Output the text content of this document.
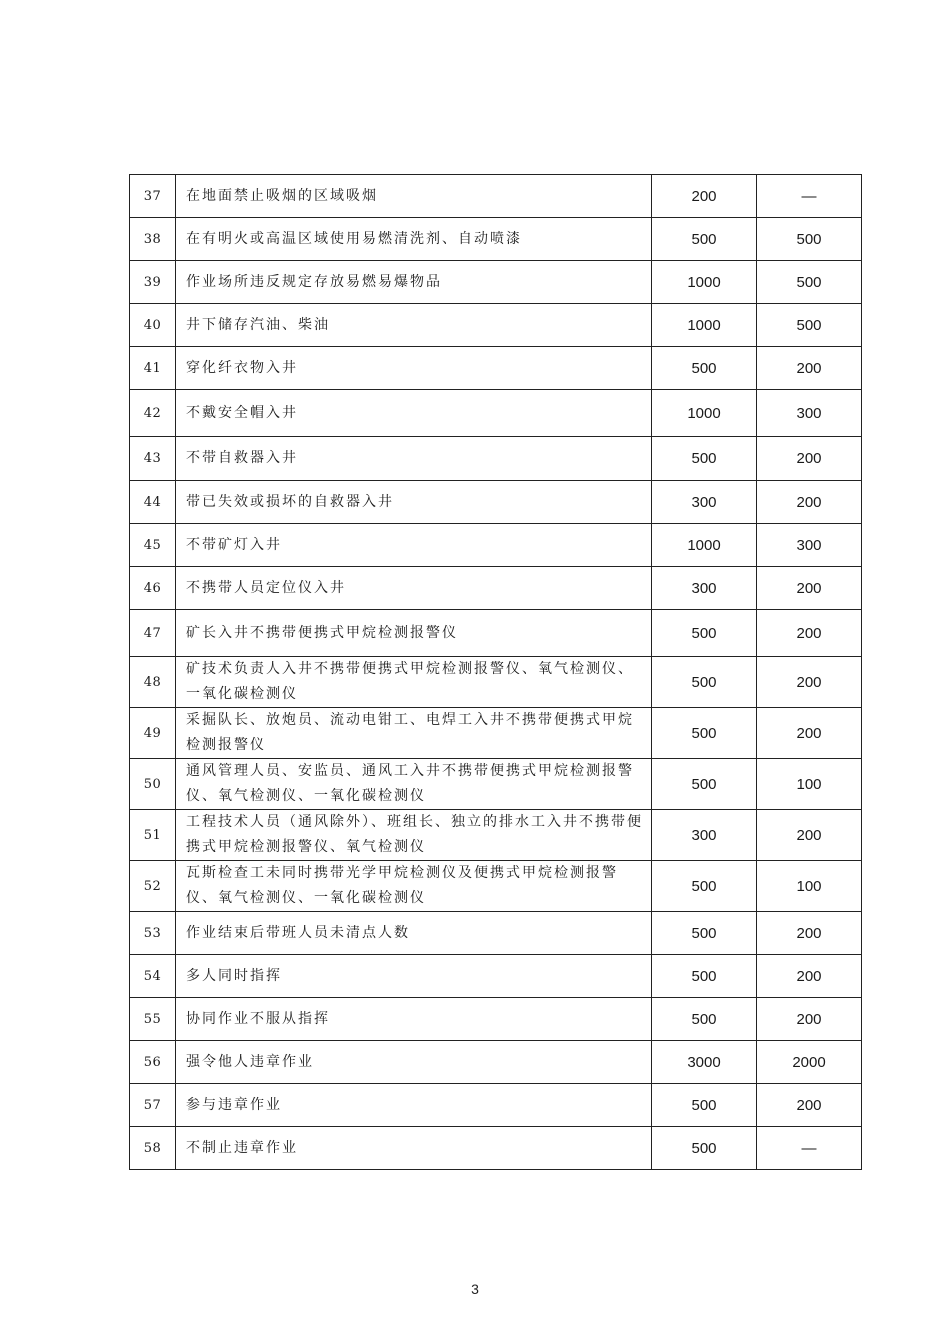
37	在地面禁止吸烟的区域吸烟	200	—
38	在有明火或高温区域使用易燃清洗剂、自动喷漆	500	500
39	作业场所违反规定存放易燃易爆物品	1000	500
40	井下储存汽油、柴油	1000	500
41	穿化纤衣物入井	500	200
42	不戴安全帽入井	1000	300
43	不带自救器入井	500	200
44	带已失效或损坏的自救器入井	300	200
45	不带矿灯入井	1000	300
46	不携带人员定位仪入井	300	200
47	矿长入井不携带便携式甲烷检测报警仪	500	200
48	矿技术负责人入井不携带便携式甲烷检测报警仪、氧气检测仪、一氧化碳检测仪	500	200
49	采掘队长、放炮员、流动电钳工、电焊工入井不携带便携式甲烷检测报警仪	500	200
50	通风管理人员、安监员、通风工入井不携带便携式甲烷检测报警仪、氧气检测仪、一氧化碳检测仪	500	100
51	工程技术人员（通风除外）、班组长、独立的排水工入井不携带便携式甲烷检测报警仪、氧气检测仪	300	200
52	瓦斯检查工未同时携带光学甲烷检测仪及便携式甲烷检测报警仪、氧气检测仪、一氧化碳检测仪	500	100
53	作业结束后带班人员未清点人数	500	200
54	多人同时指挥	500	200
55	协同作业不服从指挥	500	200
56	强令他人违章作业	3000	2000
57	参与违章作业	500	200
58	不制止违章作业	500	—
3
